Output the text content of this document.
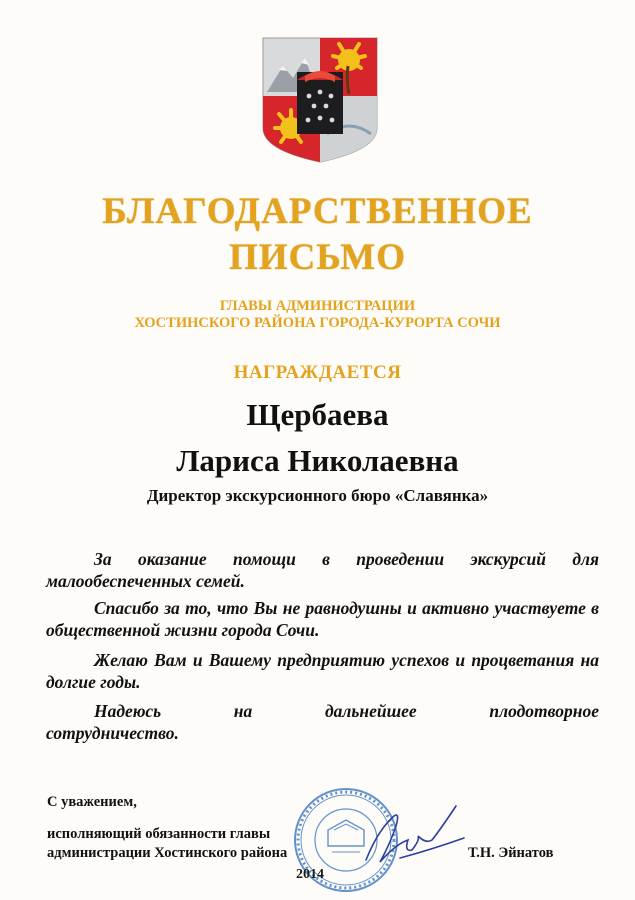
БЛАГОДАРСТВЕННОЕ
ПИСЬМО
ГЛАВЫ АДМИНИСТРАЦИИ
ХОСТИНСКОГО РАЙОНА ГОРОДА-КУРОРТА СОЧИ
НАГРАЖДАЕТСЯ
Щербаева
Лариса Николаевна
Директор экскурсионного бюро «Славянка»
За оказание помощи в проведении экскурсий для малообеспеченных семей.
Спасибо за то, что Вы не равнодушны и активно участвуете в общественной жизни города Сочи.
Желаю Вам и Вашему предприятию успехов и процветания на долгие годы.
Надеюсь	на	дальнейшее	плодотворное
сотрудничество.
С уважением,
исполняющий обязанности главы
администрации Хостинского района	Т.Н. Эйнатов
2014
